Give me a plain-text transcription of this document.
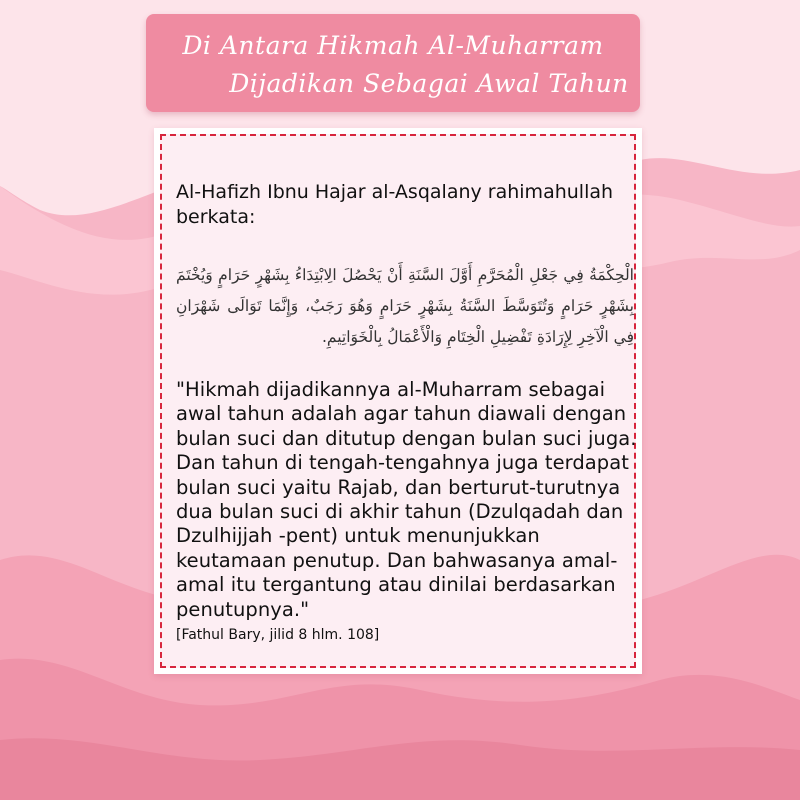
Di Antara Hikmah Al-Muharram
Dijadikan Sebagai Awal Tahun

Al-Hafizh Ibnu Hajar al-Asqalany rahimahullah berkata:

الْحِكْمَةُ فِي جَعْلِ الْمُحَرَّمِ أَوَّلَ السَّنَةِ أَنْ يَحْصُلَ الِابْتِدَاءُ بِشَهْرٍ حَرَامٍ وَيُخْتَمَ بِشَهْرٍ حَرَامٍ وَتُتَوَسَّطَ السَّنَةُ بِشَهْرٍ حَرَامٍ وَهُوَ رَجَبٌ، وَإِنَّمَا تَوَالَى شَهْرَانِ فِي الْآخِرِ لِإِرَادَةِ تَفْضِيلِ الْخِتَامِ وَالْأَعْمَالُ بِالْخَوَاتِيمِ.

"Hikmah dijadikannya al-Muharram sebagai awal tahun adalah agar tahun diawali dengan bulan suci dan ditutup dengan bulan suci juga. Dan tahun di tengah-tengahnya juga terdapat bulan suci yaitu Rajab, dan berturut-turutnya dua bulan suci di akhir tahun (Dzulqadah dan Dzulhijjah -pent) untuk menunjukkan keutamaan penutup. Dan bahwasanya amal-amal itu tergantung atau dinilai berdasarkan penutupnya."

[Fathul Bary, jilid 8 hlm. 108]
